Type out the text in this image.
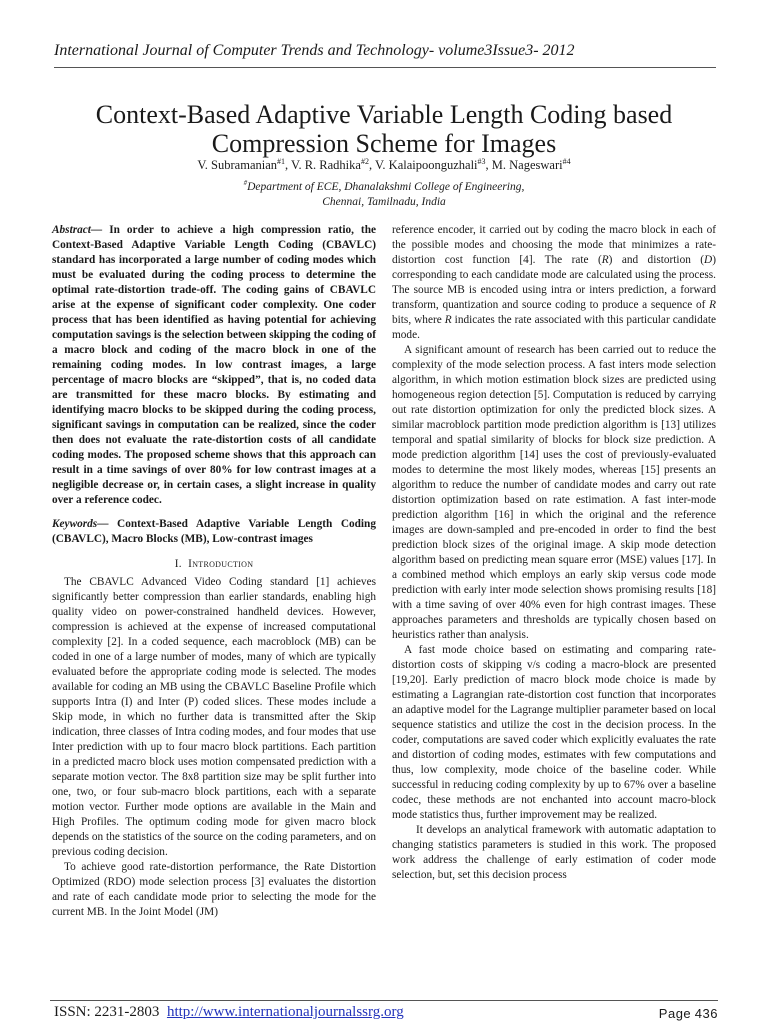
International Journal of Computer Trends and Technology- volume3Issue3- 2012
Context-Based Adaptive Variable Length Coding based
Compression Scheme for Images
V. Subramanian$^{\#1}$, V. R. Radhika$^{\#2}$, V. Kalaipoonguzhali$^{\#3}$, M. Nageswari$^{\#4}$
#Department of ECE, Dhanalakshmi College of Engineering,
Chennai, Tamilnadu, India

Abstract— In order to achieve a high compression ratio, the Context-Based Adaptive Variable Length Coding (CBAVLC) standard has incorporated a large number of coding modes which must be evaluated during the coding process to determine the optimal rate-distortion trade-off. The coding gains of CBAVLC arise at the expense of significant coder complexity. One coder process that has been identified as having potential for achieving computation savings is the selection between skipping the coding of a macro block and coding of the macro block in one of the remaining coding modes. In low contrast images, a large percentage of macro blocks are “skipped”, that is, no coded data are transmitted for these macro blocks. By estimating and identifying macro blocks to be skipped during the coding process, significant savings in computation can be realized, since the coder then does not evaluate the rate-distortion costs of all candidate coding modes. The proposed scheme shows that this approach can result in a time savings of over 80% for low contrast images at a negligible decrease or, in certain cases, a slight increase in quality over a reference codec.

Keywords— Context-Based Adaptive Variable Length Coding (CBAVLC), Macro Blocks (MB), Low-contrast images

I. Introduction

The CBAVLC Advanced Video Coding standard [1] achieves significantly better compression than earlier standards, enabling high quality video on power-constrained handheld devices. However, compression is achieved at the expense of increased computational complexity [2]. In a coded sequence, each macroblock (MB) can be coded in one of a large number of modes, many of which are typically evaluated before the appropriate coding mode is selected. The modes available for coding an MB using the CBAVLC Baseline Profile which supports Intra (I) and Inter (P) coded slices. These modes include a Skip mode, in which no further data is transmitted after the Skip indication, three classes of Intra coding modes, and four modes that use Inter prediction with up to four macro block partitions. Each partition in a predicted macro block uses motion compensated prediction with a separate motion vector. The 8x8 partition size may be split further into one, two, or four sub-macro block partitions, each with a separate motion vector. Further mode options are available in the Main and High Profiles. The optimum coding mode for given macro block depends on the statistics of the source on the coding parameters, and on previous coding decision.

To achieve good rate-distortion performance, the Rate Distortion Optimized (RDO) mode selection process [3] evaluates the distortion and rate of each candidate mode prior to selecting the mode for the current MB. In the Joint Model (JM)

reference encoder, it carried out by coding the macro block in each of the possible modes and choosing the mode that minimizes a rate-distortion cost function [4]. The rate (R) and distortion (D) corresponding to each candidate mode are calculated using the process. The source MB is encoded using intra or inters prediction, a forward transform, quantization and source coding to produce a sequence of R bits, where R indicates the rate associated with this particular candidate mode.

A significant amount of research has been carried out to reduce the complexity of the mode selection process. A fast inters mode selection algorithm, in which motion estimation block sizes are predicted using homogeneous region detection [5]. Computation is reduced by carrying out rate distortion optimization for only the predicted block sizes. A similar macroblock partition mode prediction algorithm is [13] utilizes temporal and spatial similarity of blocks for block size prediction. A mode prediction algorithm [14] uses the cost of previously-evaluated modes to determine the most likely modes, whereas [15] presents an algorithm to reduce the number of candidate modes and carry out rate distortion optimization based on rate estimation. A fast inter-mode prediction algorithm [16] in which the original and the reference images are down-sampled and pre-encoded in order to find the best prediction block sizes of the original image. A skip mode detection algorithm based on predicting mean square error (MSE) values [17]. In a combined method which employs an early skip versus code mode prediction with early inter mode selection shows promising results [18] with a time saving of over 40% even for high contrast images. These approaches parameters and thresholds are typically chosen based on heuristics rather than analysis.

A fast mode choice based on estimating and comparing rate-distortion costs of skipping v/s coding a macro-block are presented [19,20]. Early prediction of macro block mode choice is made by estimating a Lagrangian rate-distortion cost function that incorporates an adaptive model for the Lagrange multiplier parameter based on local sequence statistics and utilize the cost in the decision process. In the coder, computations are saved coder which explicitly evaluates the rate and distortion of coding modes, estimates with few computations and thus, low complexity, mode choice of the baseline coder. While successful in reducing coding complexity by up to 67% over a baseline codec, these methods are not enchanted into account macro-block mode statistics thus, further improvement may be realized.

It develops an analytical framework with automatic adaptation to changing statistics parameters is studied in this work. The proposed work address the challenge of early estimation of coder mode selection, but, set this decision process

ISSN: 2231-2803 http://www.internationaljournalssrg.org	Page 436
